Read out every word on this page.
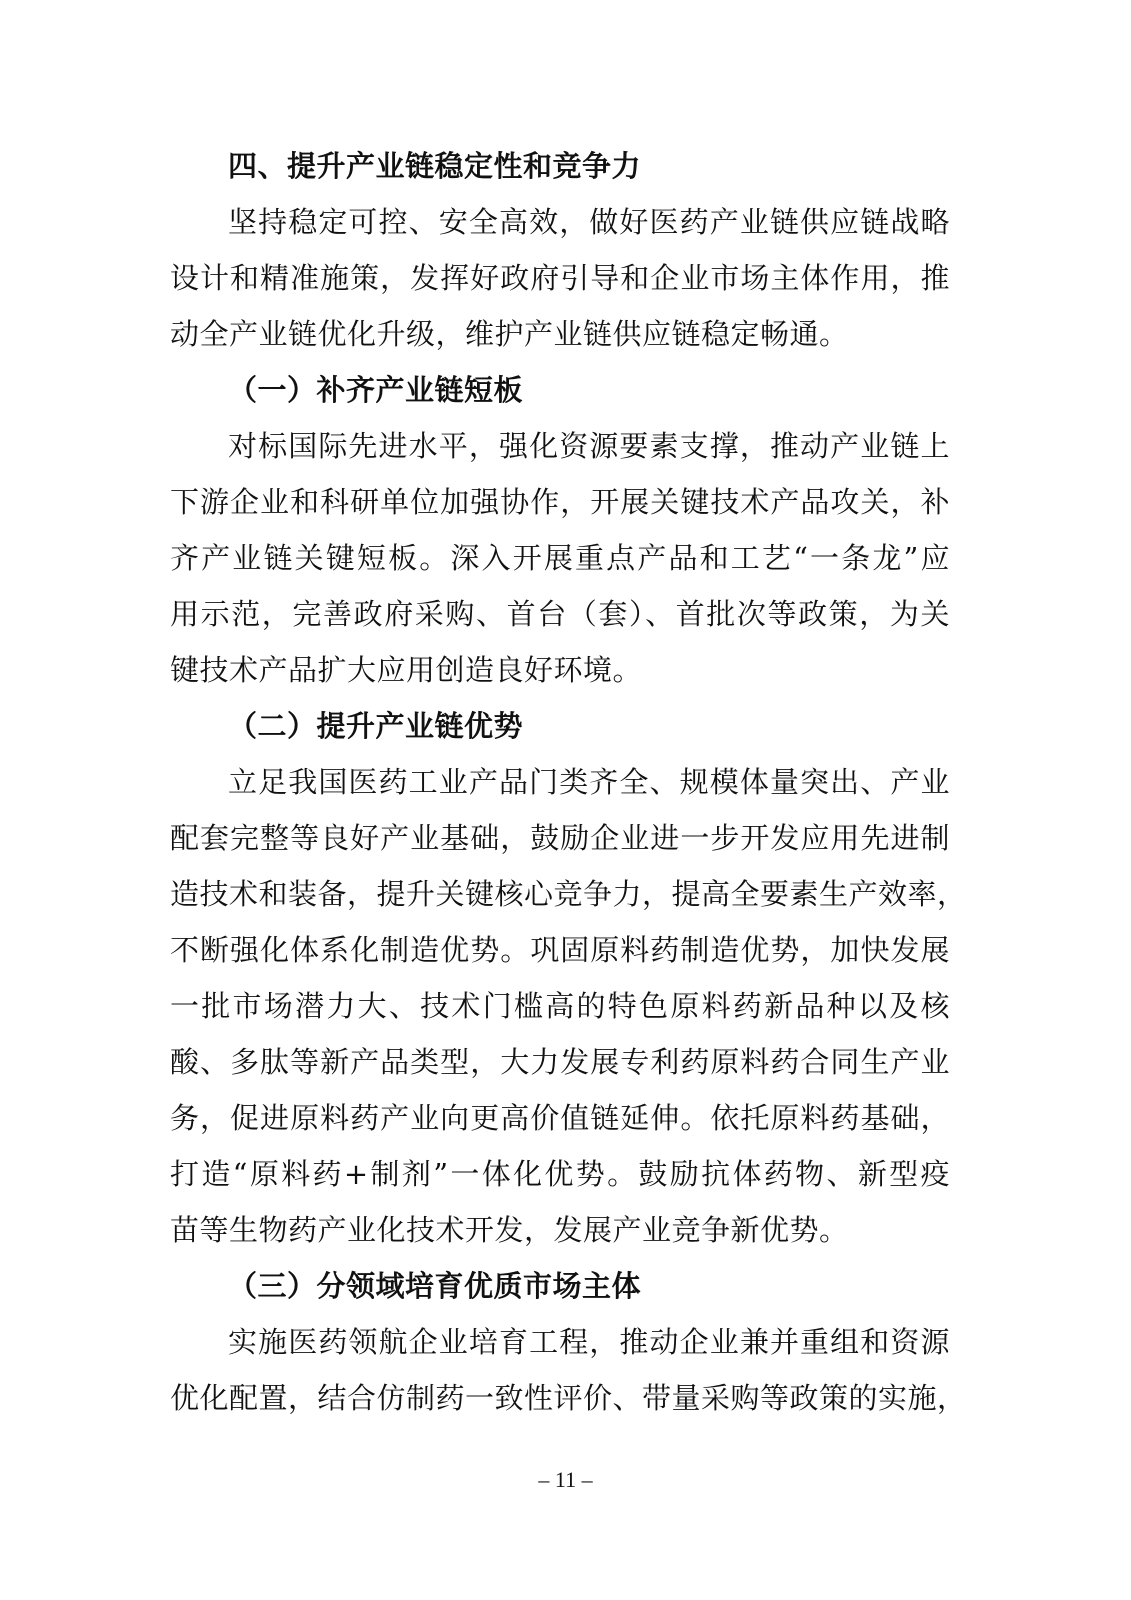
四、提升产业链稳定性和竞争力
坚持稳定可控、安全高效，做好医药产业链供应链战略
设计和精准施策，发挥好政府引导和企业市场主体作用，推
动全产业链优化升级，维护产业链供应链稳定畅通。
（一）补齐产业链短板
对标国际先进水平，强化资源要素支撑，推动产业链上
下游企业和科研单位加强协作，开展关键技术产品攻关，补
齐产业链关键短板。深入开展重点产品和工艺“一条龙”应
用示范，完善政府采购、首台（套）、首批次等政策，为关
键技术产品扩大应用创造良好环境。
（二）提升产业链优势
立足我国医药工业产品门类齐全、规模体量突出、产业
配套完整等良好产业基础，鼓励企业进一步开发应用先进制
造技术和装备，提升关键核心竞争力，提高全要素生产效率，
不断强化体系化制造优势。巩固原料药制造优势，加快发展
一批市场潜力大、技术门槛高的特色原料药新品种以及核
酸、多肽等新产品类型，大力发展专利药原料药合同生产业
务，促进原料药产业向更高价值链延伸。依托原料药基础，
打造“原料药+制剂”一体化优势。鼓励抗体药物、新型疫
苗等生物药产业化技术开发，发展产业竞争新优势。
（三）分领域培育优质市场主体
实施医药领航企业培育工程，推动企业兼并重组和资源
优化配置，结合仿制药一致性评价、带量采购等政策的实施，
– 11 –
